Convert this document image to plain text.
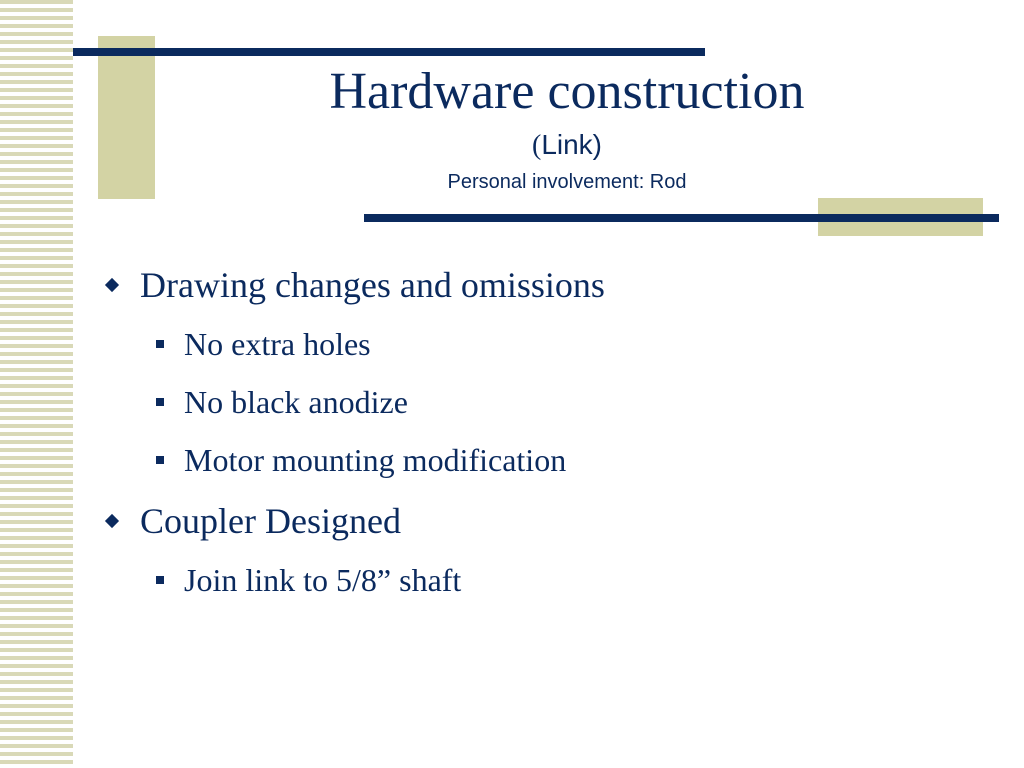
Hardware construction
(Link)
Personal involvement: Rod
Drawing changes and omissions
No extra holes
No black anodize
Motor mounting modification
Coupler Designed
Join link to 5/8” shaft
